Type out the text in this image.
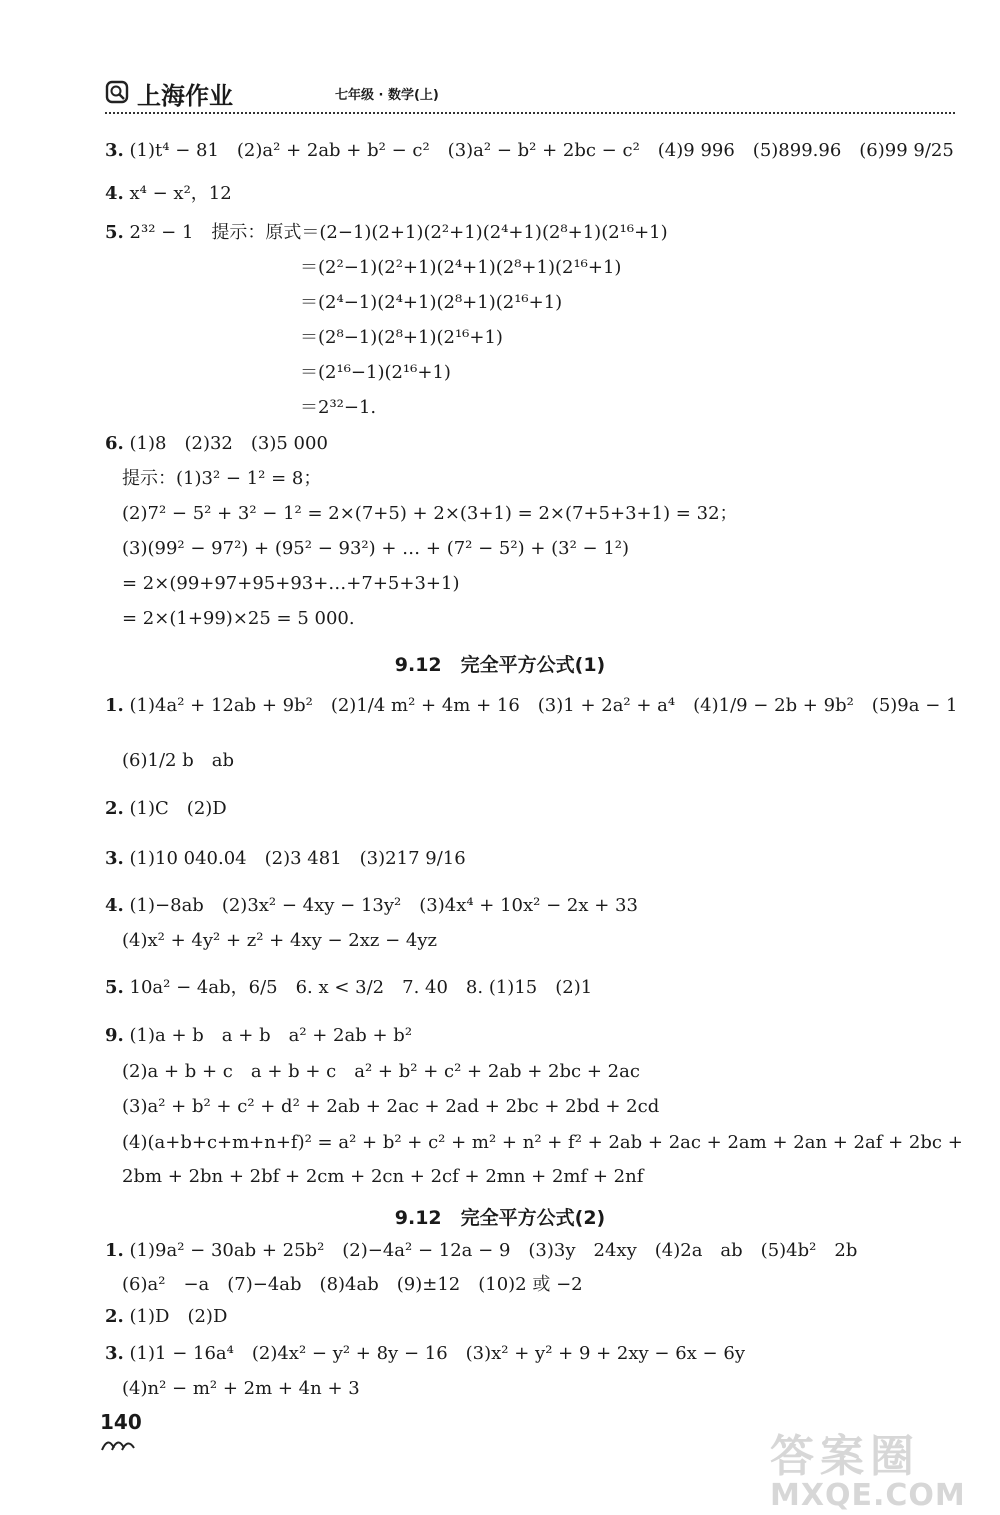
上海作业	七年级 · 数学(上)
3. (1)t⁴ − 81　(2)a² + 2ab + b² − c²　(3)a² − b² + 2bc − c²　(4)9 996　(5)899.96　(6)99 9/25
4. x⁴ − x²，12
5. 2³² − 1　提示：原式＝(2−1)(2+1)(2²+1)(2⁴+1)(2⁸+1)(2¹⁶+1)
＝(2²−1)(2²+1)(2⁴+1)(2⁸+1)(2¹⁶+1)
＝(2⁴−1)(2⁴+1)(2⁸+1)(2¹⁶+1)
＝(2⁸−1)(2⁸+1)(2¹⁶+1)
＝(2¹⁶−1)(2¹⁶+1)
＝2³²−1.
6. (1)8　(2)32　(3)5 000
提示：(1)3² − 1² = 8；
(2)7² − 5² + 3² − 1² = 2×(7+5) + 2×(3+1) = 2×(7+5+3+1) = 32；
(3)(99² − 97²) + (95² − 93²) + … + (7² − 5²) + (3² − 1²)
= 2×(99+97+95+93+…+7+5+3+1)
= 2×(1+99)×25 = 5 000.
1. (1)4a² + 12ab + 9b²　(2)1/4 m² + 4m + 16　(3)1 + 2a² + a⁴　(4)1/9 − 2b + 9b²　(5)9a − 1
(6)1/2 b　ab
2. (1)C　(2)D
3. (1)10 040.04　(2)3 481　(3)217 9/16
4. (1)−8ab　(2)3x² − 4xy − 13y²　(3)4x⁴ + 10x² − 2x + 33
(4)x² + 4y² + z² + 4xy − 2xz − 4yz
5. 10a² − 4ab，6/5　6. x < 3/2　7. 40　8. (1)15　(2)1
9. (1)a + b　a + b　a² + 2ab + b²
(2)a + b + c　a + b + c　a² + b² + c² + 2ab + 2bc + 2ac
(3)a² + b² + c² + d² + 2ab + 2ac + 2ad + 2bc + 2bd + 2cd
(4)(a+b+c+m+n+f)² = a² + b² + c² + m² + n² + f² + 2ab + 2ac + 2am + 2an + 2af + 2bc +
2bm + 2bn + 2bf + 2cm + 2cn + 2cf + 2mn + 2mf + 2nf
1. (1)9a² − 30ab + 25b²　(2)−4a² − 12a − 9　(3)3y　24xy　(4)2a　ab　(5)4b²　2b
(6)a²　−a　(7)−4ab　(8)4ab　(9)±12　(10)2 或 −2
2. (1)D　(2)D
3. (1)1 − 16a⁴　(2)4x² − y² + 8y − 16　(3)x² + y² + 9 + 2xy − 6x − 6y
(4)n² − m² + 2m + 4n + 3
9.12　完全平方公式(1)
9.12　完全平方公式(2)
140
答案圈
MXQE.COM
